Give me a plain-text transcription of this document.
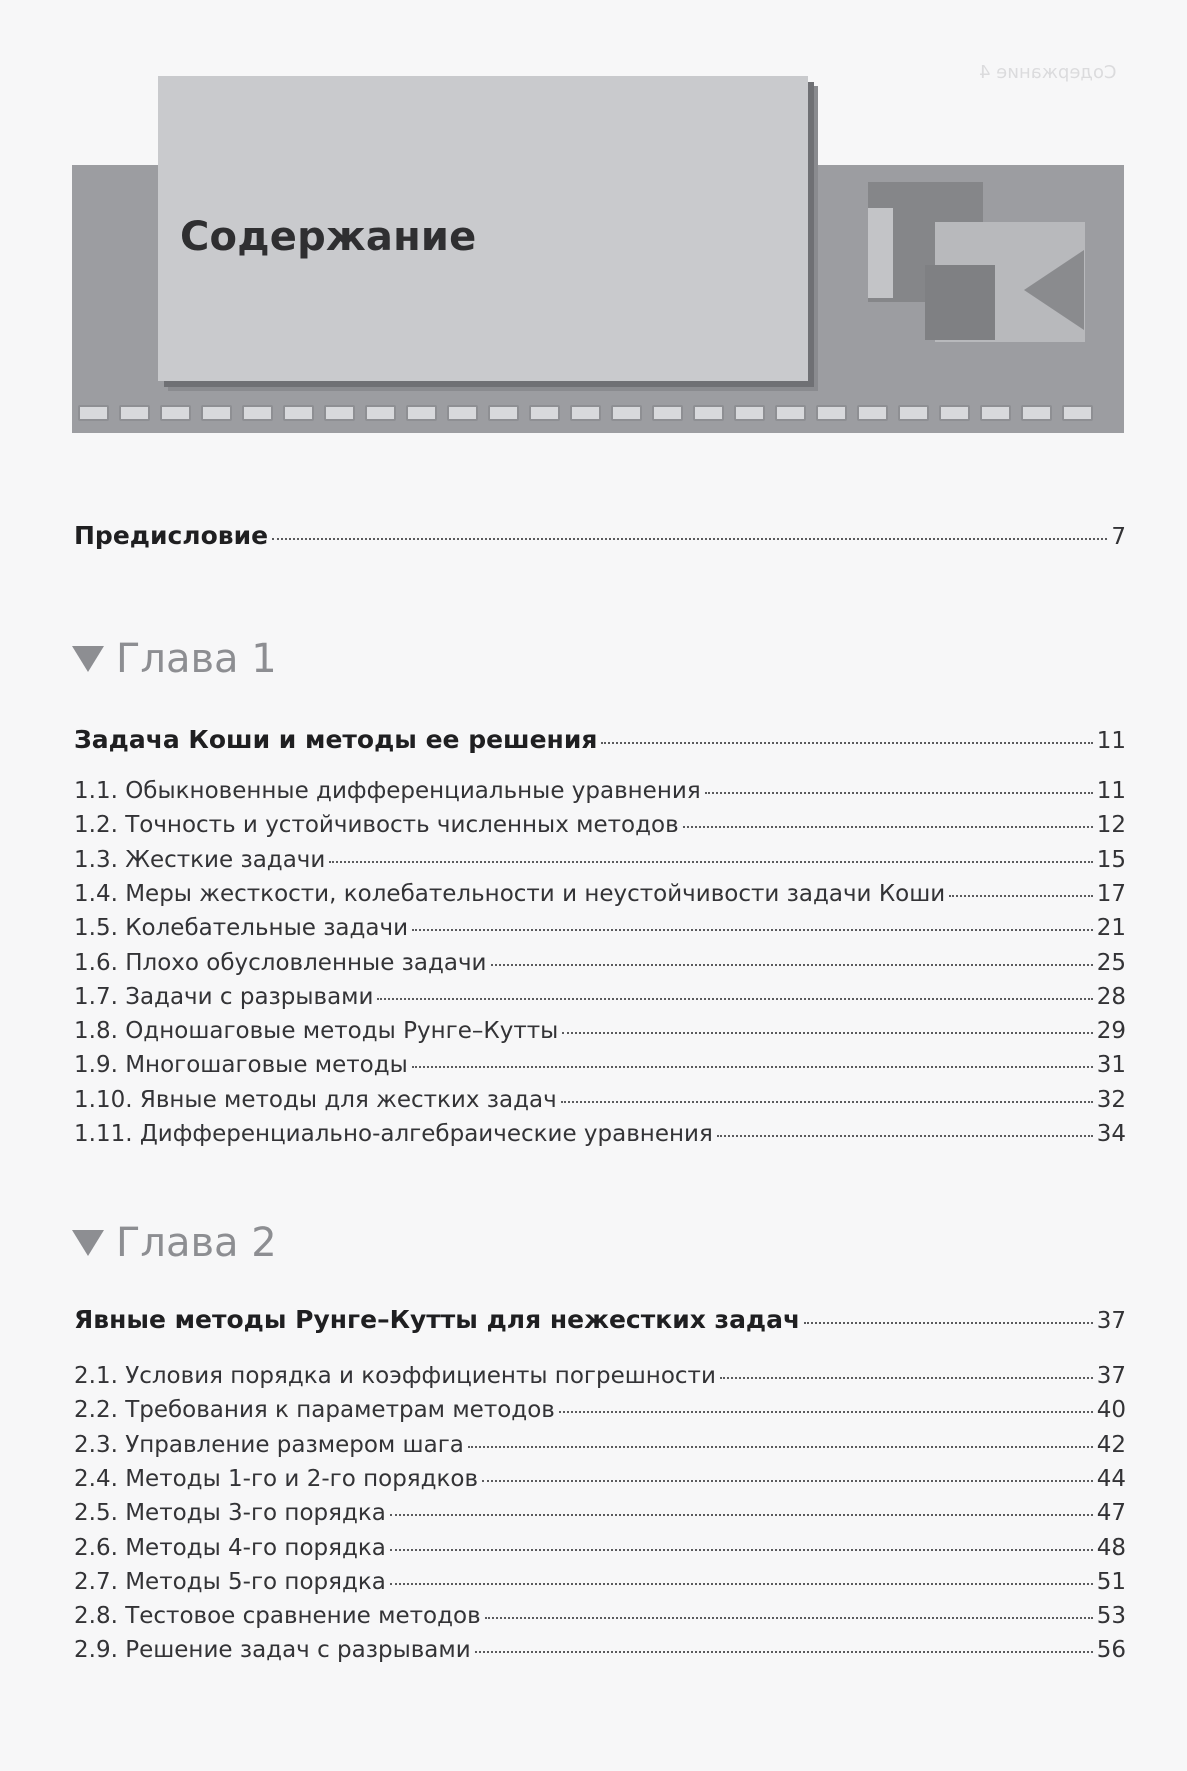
Содержание 4
Содержание
Предисловие	7
Глава 1
Задача Коши и методы ее решения	11
1.1. Обыкновенные дифференциальные уравнения	11
1.2. Точность и устойчивость численных методов	12
1.3. Жесткие задачи	15
1.4. Меры жесткости, колебательности и неустойчивости задачи Коши	17
1.5. Колебательные задачи	21
1.6. Плохо обусловленные задачи	25
1.7. Задачи с разрывами	28
1.8. Одношаговые методы Рунге–Кутты	29
1.9. Многошаговые методы	31
1.10. Явные методы для жестких задач	32
1.11. Дифференциально-алгебраические уравнения	34
Глава 2
Явные методы Рунге–Кутты для нежестких задач	37
2.1. Условия порядка и коэффициенты погрешности	37
2.2. Требования к параметрам методов	40
2.3. Управление размером шага	42
2.4. Методы 1-го и 2-го порядков	44
2.5. Методы 3-го порядка	47
2.6. Методы 4-го порядка	48
2.7. Методы 5-го порядка	51
2.8. Тестовое сравнение методов	53
2.9. Решение задач с разрывами	56
